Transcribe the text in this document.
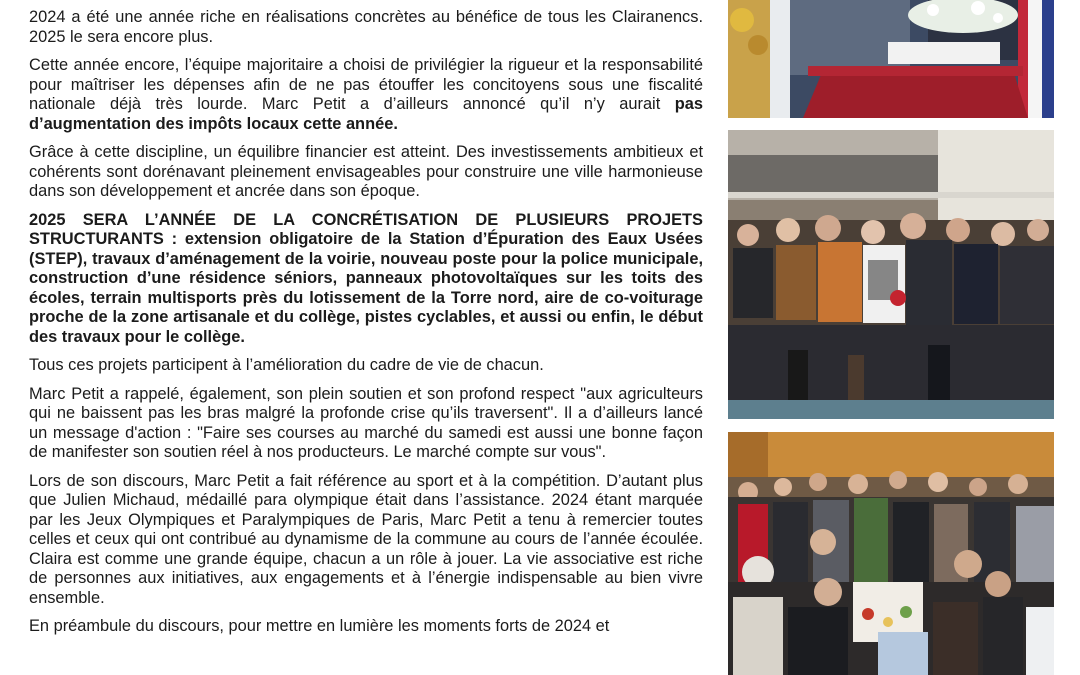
2024 a été une année riche en réalisations concrètes au bénéfice de tous les Clairanencs. 2025 le sera encore plus.

Cette année encore, l’équipe majoritaire a choisi de privilégier la rigueur et la responsabilité pour maîtriser les dépenses afin de ne pas étouffer les concitoyens sous une fiscalité nationale déjà très lourde. Marc Petit a d’ailleurs annoncé qu’il n’y aurait pas d’augmentation des impôts locaux cette année.

Grâce à cette discipline, un équilibre financier est atteint. Des investissements ambitieux et cohérents sont dorénavant pleinement envisageables pour construire une ville harmonieuse dans son développement et ancrée dans son époque.

2025 SERA L’ANNÉE DE LA CONCRÉTISATION DE PLUSIEURS PROJETS STRUCTURANTS : extension obligatoire de la Station d’Épuration des Eaux Usées (STEP), travaux d’aménagement de la voirie, nouveau poste pour la police municipale, construction d’une résidence séniors, panneaux photovoltaïques sur les toits des écoles, terrain multisports près du lotissement de la Torre nord, aire de co-voiturage proche de la zone artisanale et du collège, pistes cyclables, et aussi ou enfin, le début des travaux pour le collège.

Tous ces projets participent à l’amélioration du cadre de vie de chacun.

Marc Petit a rappelé, également, son plein soutien et son profond respect "aux agriculteurs qui ne baissent pas les bras malgré la profonde crise qu’ils traversent". Il a d’ailleurs lancé un message d'action : "Faire ses courses au marché du samedi est aussi une bonne façon de manifester son soutien réel à nos producteurs. Le marché compte sur vous".

Lors de son discours, Marc Petit a fait référence au sport et à la compétition. D’autant plus que Julien Michaud, médaillé para olympique était dans l’assistance. 2024 étant marquée par les Jeux Olympiques et Paralympiques de Paris, Marc Petit a tenu à remercier toutes celles et ceux qui ont contribué au dynamisme de la commune au cours de l’année écoulée. Claira est comme une grande équipe, chacun a un rôle à jouer. La vie associative est riche de personnes aux initiatives, aux engagements et à l’énergie indispensable au bien vivre ensemble.

En préambule du discours, pour mettre en lumière les moments forts de 2024 et
